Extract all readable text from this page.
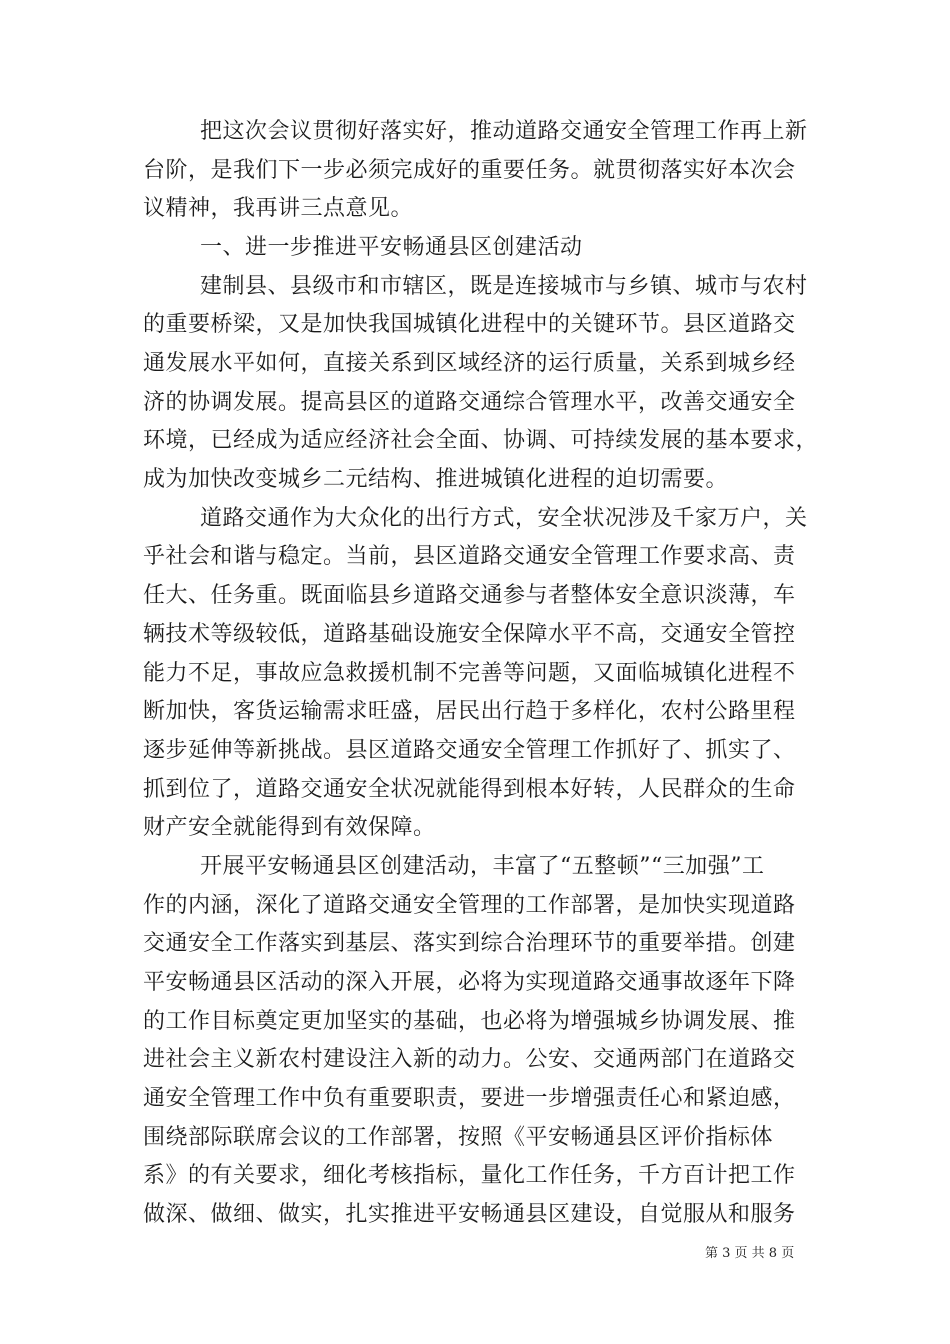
把这次会议贯彻好落实好，推动道路交通安全管理工作再上新
台阶，是我们下一步必须完成好的重要任务。就贯彻落实好本次会
议精神，我再讲三点意见。
一、进一步推进平安畅通县区创建活动
建制县、县级市和市辖区，既是连接城市与乡镇、城市与农村
的重要桥梁，又是加快我国城镇化进程中的关键环节。县区道路交
通发展水平如何，直接关系到区域经济的运行质量，关系到城乡经
济的协调发展。提高县区的道路交通综合管理水平，改善交通安全
环境，已经成为适应经济社会全面、协调、可持续发展的基本要求，
成为加快改变城乡二元结构、推进城镇化进程的迫切需要。
道路交通作为大众化的出行方式，安全状况涉及千家万户，关
乎社会和谐与稳定。当前，县区道路交通安全管理工作要求高、责
任大、任务重。既面临县乡道路交通参与者整体安全意识淡薄，车
辆技术等级较低，道路基础设施安全保障水平不高，交通安全管控
能力不足，事故应急救援机制不完善等问题，又面临城镇化进程不
断加快，客货运输需求旺盛，居民出行趋于多样化，农村公路里程
逐步延伸等新挑战。县区道路交通安全管理工作抓好了、抓实了、
抓到位了，道路交通安全状况就能得到根本好转，人民群众的生命
财产安全就能得到有效保障。
开展平安畅通县区创建活动，丰富了“五整顿”“三加强”工
作的内涵，深化了道路交通安全管理的工作部署，是加快实现道路
交通安全工作落实到基层、落实到综合治理环节的重要举措。创建
平安畅通县区活动的深入开展，必将为实现道路交通事故逐年下降
的工作目标奠定更加坚实的基础，也必将为增强城乡协调发展、推
进社会主义新农村建设注入新的动力。公安、交通两部门在道路交
通安全管理工作中负有重要职责，要进一步增强责任心和紧迫感，
围绕部际联席会议的工作部署，按照《平安畅通县区评价指标体
系》的有关要求，细化考核指标，量化工作任务，千方百计把工作
做深、做细、做实，扎实推进平安畅通县区建设，自觉服从和服务
第 3 页 共 8 页
